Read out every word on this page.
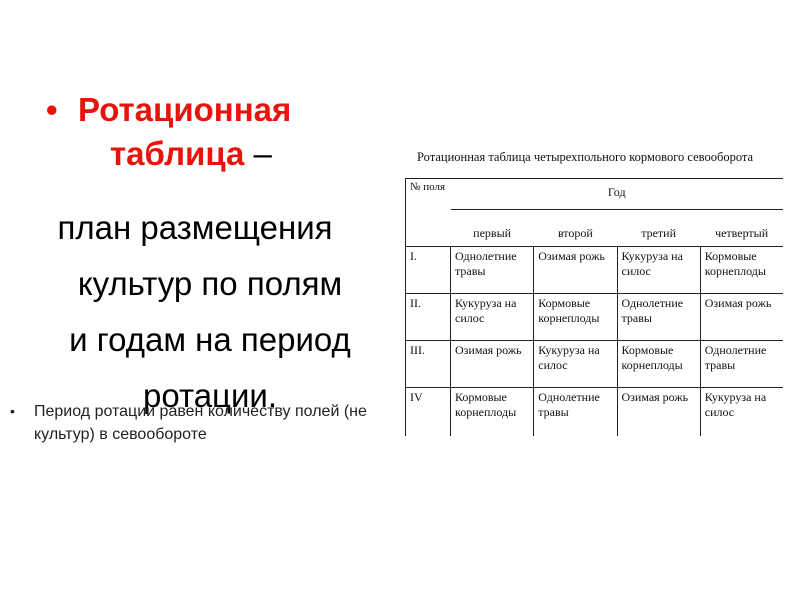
• Ротационная
таблица –
план размещения
культур по полям
и годам на период
ротации.
• Период ротации равен количеству полей (не культур) в севообороте
Ротационная таблица четырехпольного кормового севооборота
№ поля	Год			
	первый	второй	третий	четвертый
I.	Однолетние травы	Озимая рожь	Кукуруза на силос	Кормовые корнеплоды
II.	Кукуруза на силос	Кормовые корнеплоды	Однолетние травы	Озимая рожь
III.	Озимая рожь	Кукуруза на силос	Кормовые корнеплоды	Однолетние травы
IV	Кормовые корнеплоды	Однолетние травы	Озимая рожь	Кукуруза на силос
